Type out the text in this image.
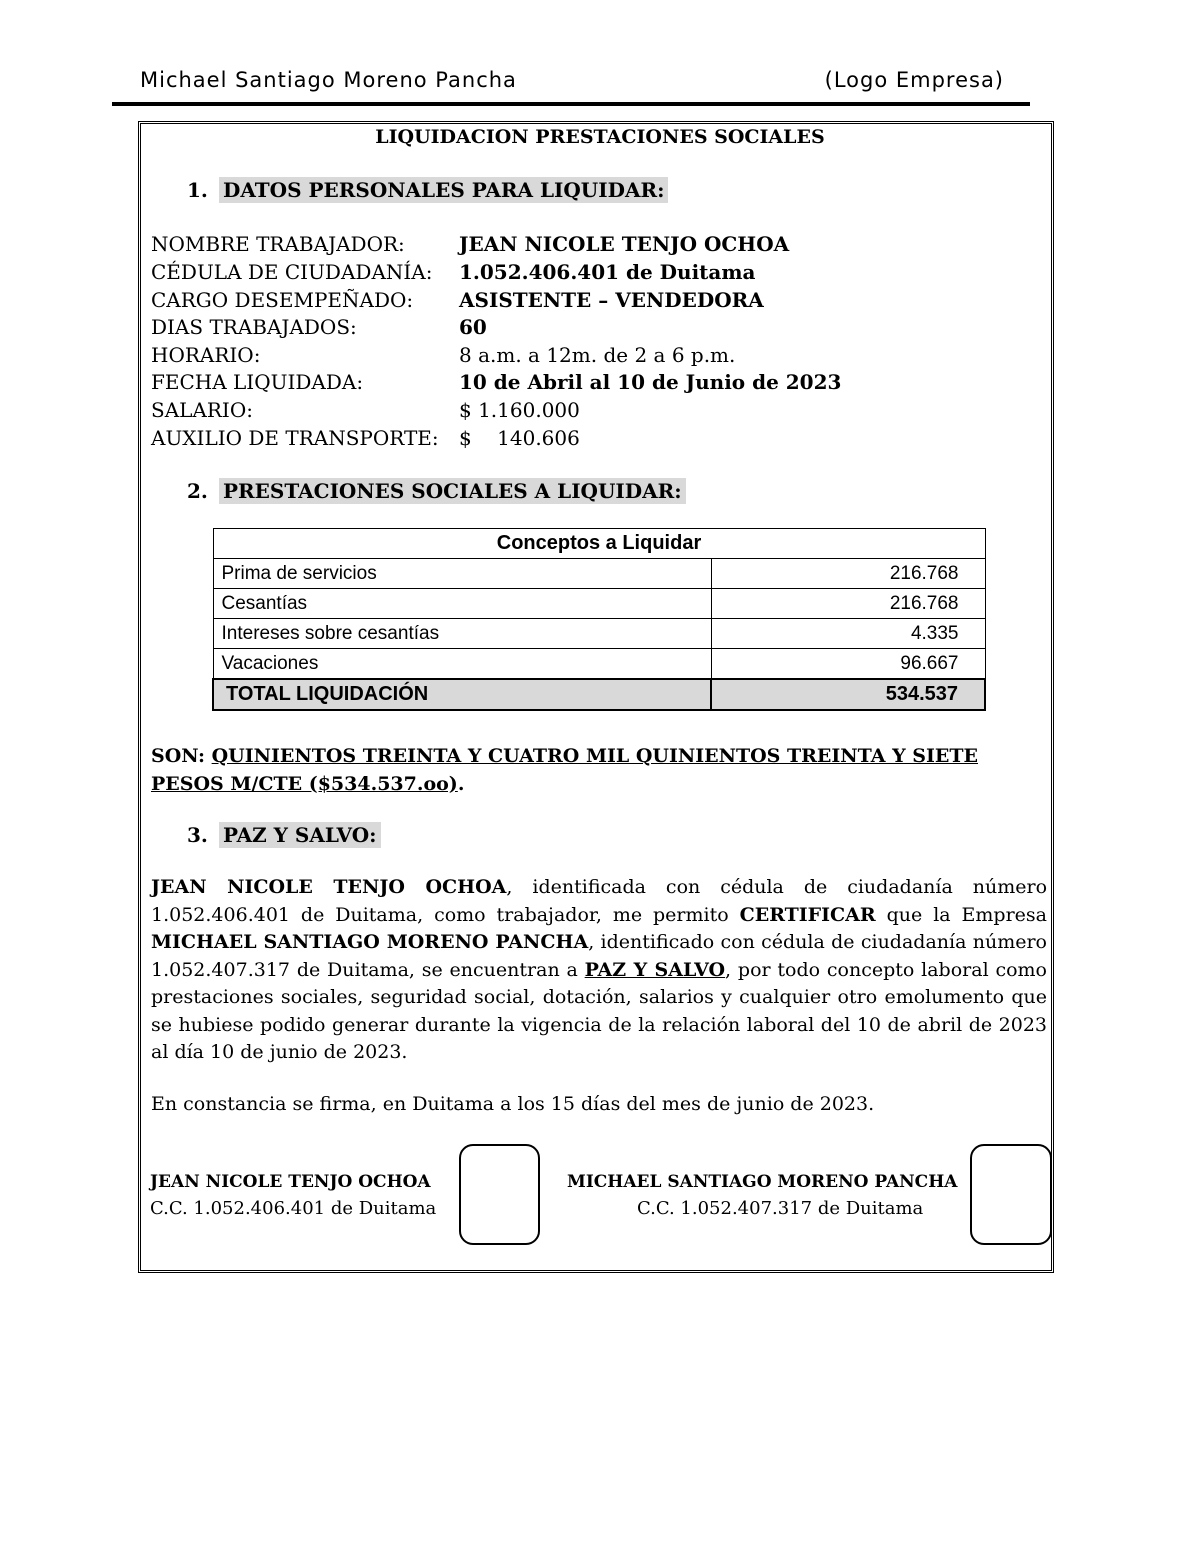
Michael Santiago Moreno Pancha	(Logo Empresa)
LIQUIDACION PRESTACIONES SOCIALES
1. DATOS PERSONALES PARA LIQUIDAR:
NOMBRE TRABAJADOR:	JEAN NICOLE TENJO OCHOA
CÉDULA DE CIUDADANÍA: 1.052.406.401 de Duitama
CARGO DESEMPEÑADO: ASISTENTE – VENDEDORA
DIAS TRABAJADOS:	60
HORARIO:	8 a.m. a 12m. de 2 a 6 p.m.
FECHA LIQUIDADA:	10 de Abril al 10 de Junio de 2023
SALARIO:	$ 1.160.000
AUXILIO DE TRANSPORTE: $    140.606
2. PRESTACIONES SOCIALES A LIQUIDAR:
Conceptos a Liquidar	
Prima de servicios	216.768
Cesantías	216.768
Intereses sobre cesantías	4.335
Vacaciones	96.667
TOTAL LIQUIDACIÓN	534.537
SON: QUINIENTOS TREINTA Y CUATRO MIL QUINIENTOS TREINTA Y SIETE PESOS M/CTE ($534.537.oo).
3. PAZ Y SALVO:
JEAN NICOLE TENJO OCHOA, identificada con cédula de ciudadanía número 1.052.406.401 de Duitama, como trabajador, me permito CERTIFICAR que la Empresa MICHAEL SANTIAGO MORENO PANCHA, identificado con cédula de ciudadanía número 1.052.407.317 de Duitama, se encuentran a PAZ Y SALVO, por todo concepto laboral como prestaciones sociales, seguridad social, dotación, salarios y cualquier otro emolumento que se hubiese podido generar durante la vigencia de la relación laboral del 10 de abril de 2023 al día 10 de junio de 2023.
En constancia se firma, en Duitama a los 15 días del mes de junio de 2023.
JEAN NICOLE TENJO OCHOA
C.C. 1.052.406.401 de Duitama
MICHAEL SANTIAGO MORENO PANCHA
C.C. 1.052.407.317 de Duitama
